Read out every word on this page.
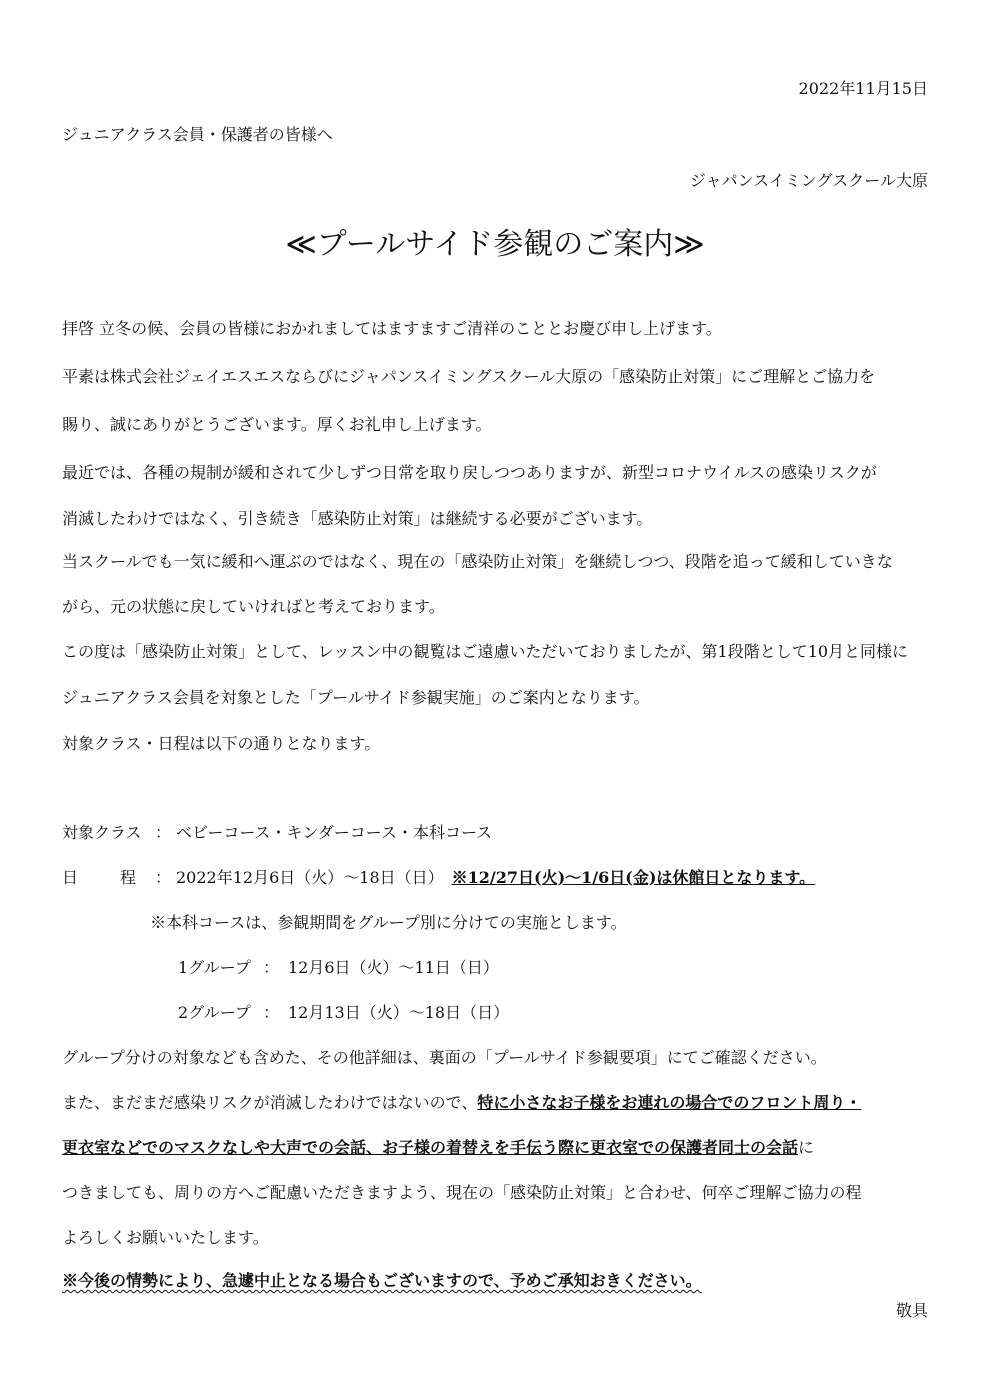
2022年11月15日
ジュニアクラス会員・保護者の皆様へ
ジャパンスイミングスクール大原
≪プールサイド参観のご案内≫
拝啓 立冬の候、会員の皆様におかれましてはますますご清祥のこととお慶び申し上げます。
平素は株式会社ジェイエスエスならびにジャパンスイミングスクール大原の「感染防止対策」にご理解とご協力を
賜り、誠にありがとうございます。厚くお礼申し上げます。
最近では、各種の規制が緩和されて少しずつ日常を取り戻しつつありますが、新型コロナウイルスの感染リスクが
消滅したわけではなく、引き続き「感染防止対策」は継続する必要がございます。
当スクールでも一気に緩和へ運ぶのではなく、現在の「感染防止対策」を継続しつつ、段階を追って緩和していきな
がら、元の状態に戻していければと考えております。
この度は「感染防止対策」として、レッスン中の観覧はご遠慮いただいておりましたが、第1段階として10月と同様に
ジュニアクラス会員を対象とした「プールサイド参観実施」のご案内となります。
対象クラス・日程は以下の通りとなります。
対象クラス ： ベビーコース・キンダーコース・本科コース
日	程 ： 2022年12月6日（火）～18日（日） ※12/27日(火)～1/6日(金)は休館日となります。
※本科コースは、参観期間をグループ別に分けての実施とします。
1グループ ： 12月6日（火）～11日（日）
2グループ ： 12月13日（火）～18日（日）
グループ分けの対象なども含めた、その他詳細は、裏面の「プールサイド参観要項」にてご確認ください。
また、まだまだ感染リスクが消滅したわけではないので、特に小さなお子様をお連れの場合でのフロント周り・
更衣室などでのマスクなしや大声での会話、お子様の着替えを手伝う際に更衣室での保護者同士の会話に
つきましても、周りの方へご配慮いただきますよう、現在の「感染防止対策」と合わせ、何卒ご理解ご協力の程
よろしくお願いいたします。
※今後の情勢により、急遽中止となる場合もございますので、予めご承知おきください。
敬具
